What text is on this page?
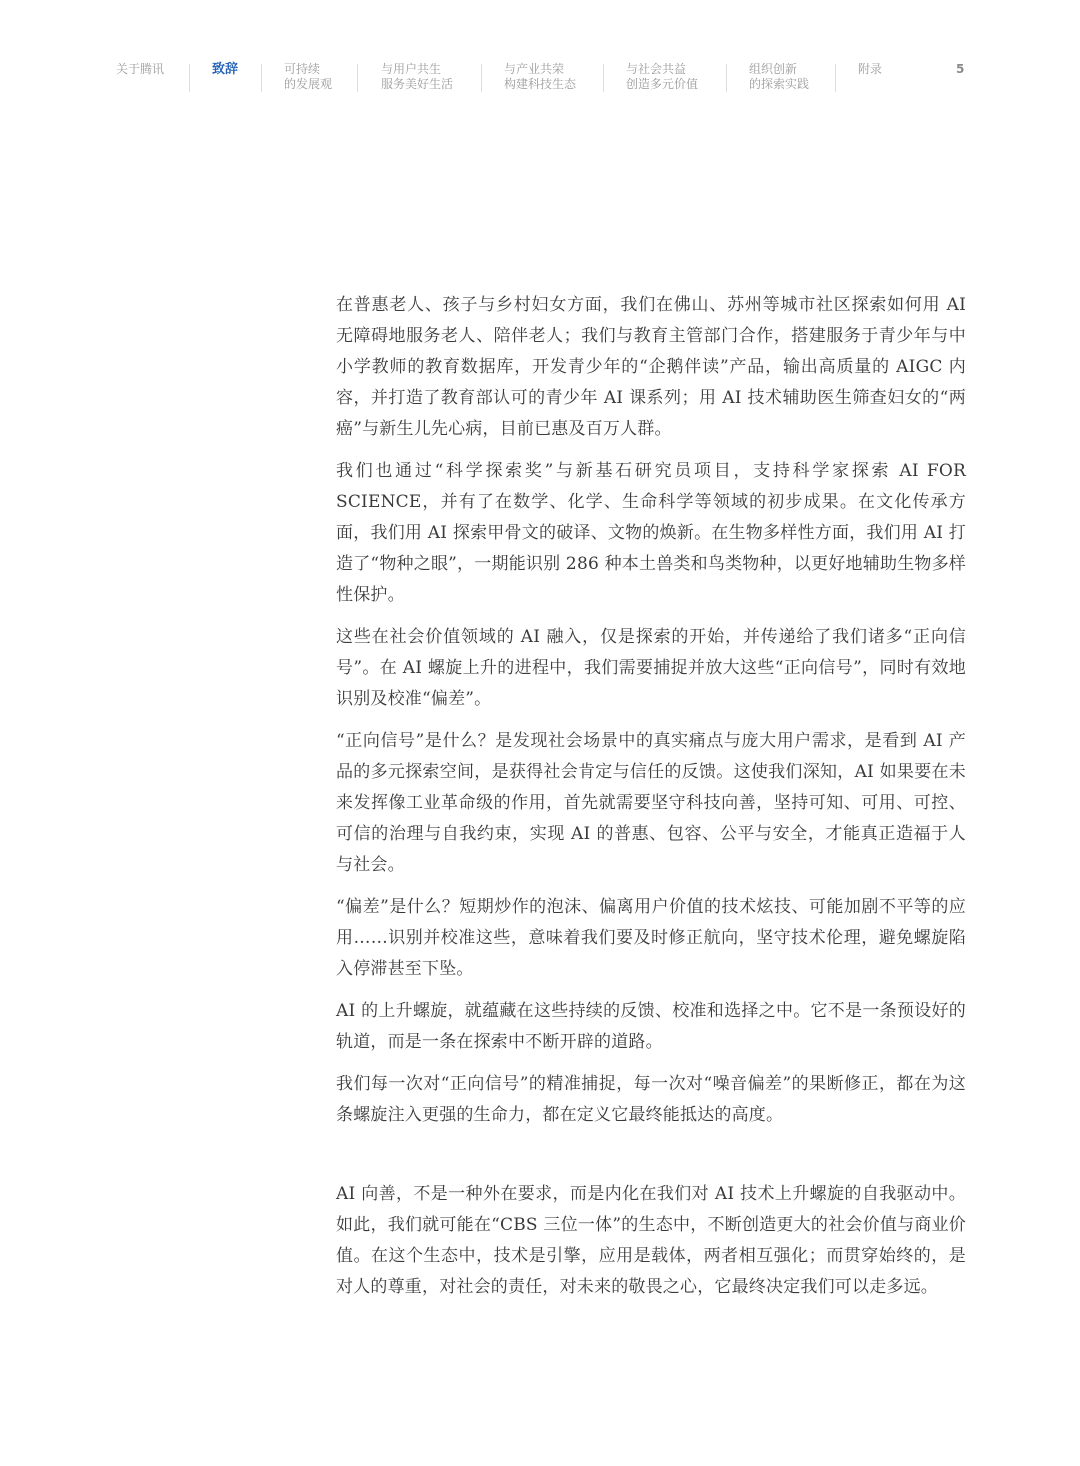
关于腾讯	致辞	可持续
的发展观
与用户共生
服务美好生活
与产业共荣
构建科技生态
与社会共益
创造多元价值
组织创新
的探索实践
附录	5

在普惠老人、孩子与乡村妇女方面，我们在佛山、苏州等城市社区探索如何用 AI 无障碍地服务老人、陪伴老人；我们与教育主管部门合作，搭建服务于青少年与中小学教师的教育数据库，开发青少年的“企鹅伴读”产品，输出高质量的 AIGC 内容，并打造了教育部认可的青少年 AI 课系列；用 AI 技术辅助医生筛查妇女的“两癌”与新生儿先心病，目前已惠及百万人群。

我们也通过“科学探索奖”与新基石研究员项目，支持科学家探索 AI FOR SCIENCE，并有了在数学、化学、生命科学等领域的初步成果。在文化传承方面，我们用 AI 探索甲骨文的破译、文物的焕新。在生物多样性方面，我们用 AI 打造了“物种之眼”，一期能识别 286 种本土兽类和鸟类物种，以更好地辅助生物多样性保护。

这些在社会价值领域的 AI 融入，仅是探索的开始，并传递给了我们诸多“正向信号”。在 AI 螺旋上升的进程中，我们需要捕捉并放大这些“正向信号”，同时有效地识别及校准“偏差”。

“正向信号”是什么？是发现社会场景中的真实痛点与庞大用户需求，是看到 AI 产品的多元探索空间，是获得社会肯定与信任的反馈。这使我们深知，AI 如果要在未来发挥像工业革命级的作用，首先就需要坚守科技向善，坚持可知、可用、可控、可信的治理与自我约束，实现 AI 的普惠、包容、公平与安全，才能真正造福于人与社会。

“偏差”是什么？短期炒作的泡沫、偏离用户价值的技术炫技、可能加剧不平等的应用……识别并校准这些，意味着我们要及时修正航向，坚守技术伦理，避免螺旋陷入停滞甚至下坠。

AI 的上升螺旋，就蕴藏在这些持续的反馈、校准和选择之中。它不是一条预设好的轨道，而是一条在探索中不断开辟的道路。

我们每一次对“正向信号”的精准捕捉，每一次对“噪音偏差”的果断修正，都在为这条螺旋注入更强的生命力，都在定义它最终能抵达的高度。

AI 向善，不是一种外在要求，而是内化在我们对 AI 技术上升螺旋的自我驱动中。如此，我们就可能在“CBS 三位一体”的生态中，不断创造更大的社会价值与商业价值。在这个生态中，技术是引擎，应用是载体，两者相互强化；而贯穿始终的，是对人的尊重，对社会的责任，对未来的敬畏之心，它最终决定我们可以走多远。
